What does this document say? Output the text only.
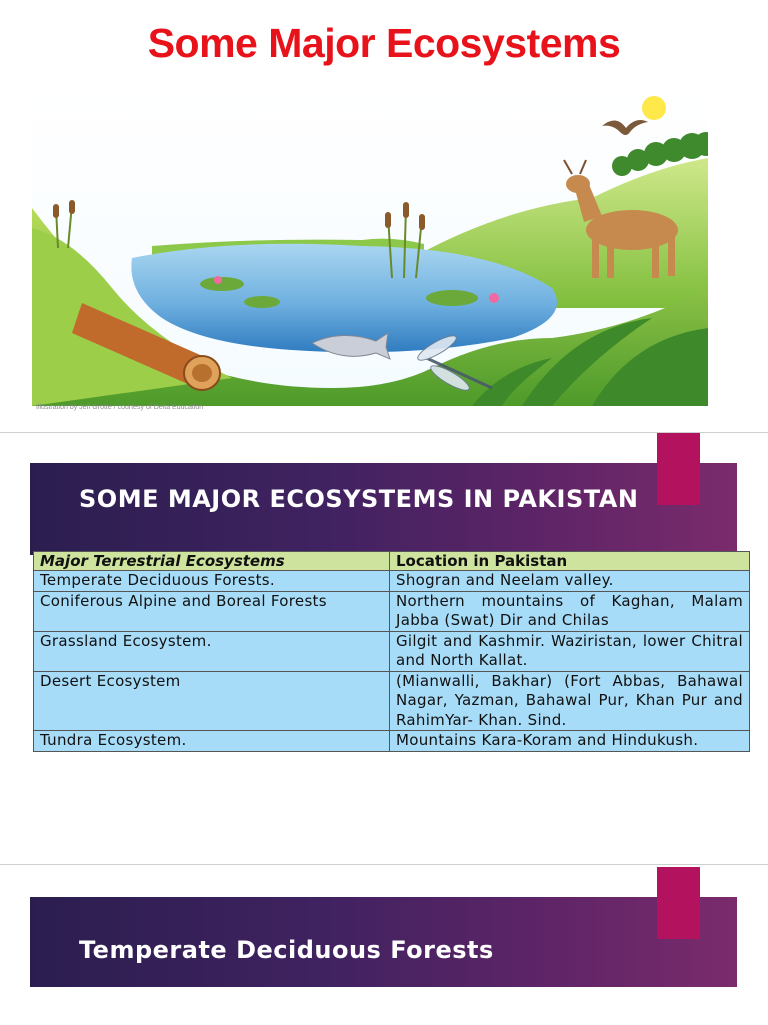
Some Major Ecosystems
Illustration by Jeff Grotte / courtesy of Delta Education
SOME MAJOR ECOSYSTEMS IN PAKISTAN
Major Terrestrial Ecosystems	Location in Pakistan
Temperate Deciduous Forests.	Shogran and Neelam valley.
Coniferous Alpine and Boreal Forests	Northern mountains of Kaghan, Malam Jabba (Swat) Dir and Chilas
Grassland Ecosystem.	Gilgit and Kashmir. Waziristan, lower Chitral and North Kallat.
Desert Ecosystem	(Mianwalli, Bakhar) (Fort Abbas, Bahawal Nagar, Yazman, Bahawal Pur, Khan Pur and RahimYar- Khan. Sind.
Tundra Ecosystem.	Mountains Kara-Koram and Hindukush.
Temperate Deciduous Forests
